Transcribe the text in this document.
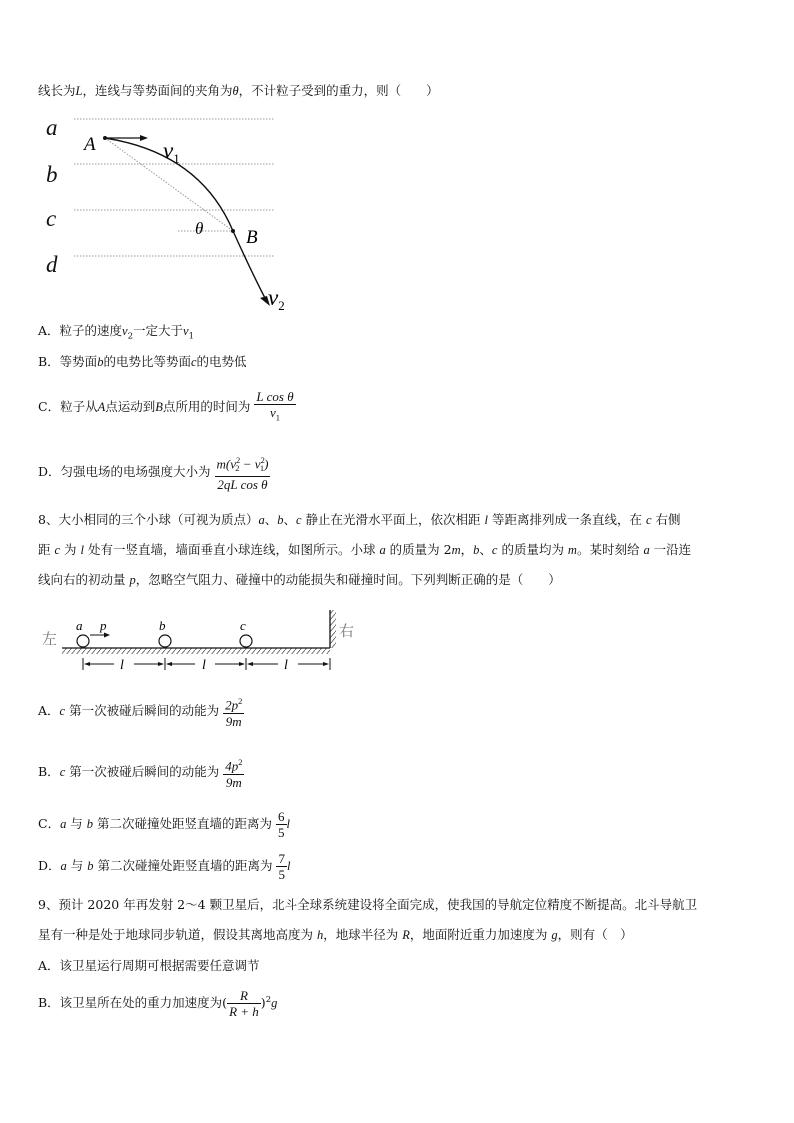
线长为L，连线与等势面间的夹角为θ，不计粒子受到的重力，则（　　）
a
b
c
d
A
B
θ
$v_1$
$v_2$
A．粒子的速度$v_2$一定大于$v_1$
B．等势面b的电势比等势面c的电势低
C．粒子从A点运动到B点所用的时间为 $\frac{\text{L cos θ}}{v_1}$
D．匀强电场的电场强度大小为 $\frac{m(v^2_2 - v^2_1)}{\text{2qL cos θ}}$
8、大小相同的三个小球（可视为质点）a、b、c 静止在光滑水平面上，依次相距 l 等距离排列成一条直线，在 c 右侧
距 c 为 l 处有一竖直墙，墙面垂直小球连线，如图所示。小球 a 的质量为 2m，b、c 的质量均为 m。某时刻给 a 一沿连
线向右的初动量 p，忽略空气阻力、碰撞中的动能损失和碰撞时间。下列判断正确的是（　　）
左	右
a	b	c
p
l	l	l
A．c 第一次被碰后瞬间的动能为 $\frac{2p^2}{9m}$
B．c 第一次被碰后瞬间的动能为 $\frac{4p^2}{9m}$
C．a 与 b 第二次碰撞处距竖直墙的距离为 $\frac{6}{5}$ l
D．a 与 b 第二次碰撞处距竖直墙的距离为 $\frac{7}{5}$ l
9、预计 2020 年再发射 2～4 颗卫星后，北斗全球系统建设将全面完成，使我国的导航定位精度不断提高。北斗导航卫
星有一种是处于地球同步轨道，假设其离地高度为 h，地球半径为 R，地面附近重力加速度为 g，则有（　）
A．该卫星运行周期可根据需要任意调节
B．该卫星所在处的重力加速度为( $\frac{R}{R + h} )^2g$
